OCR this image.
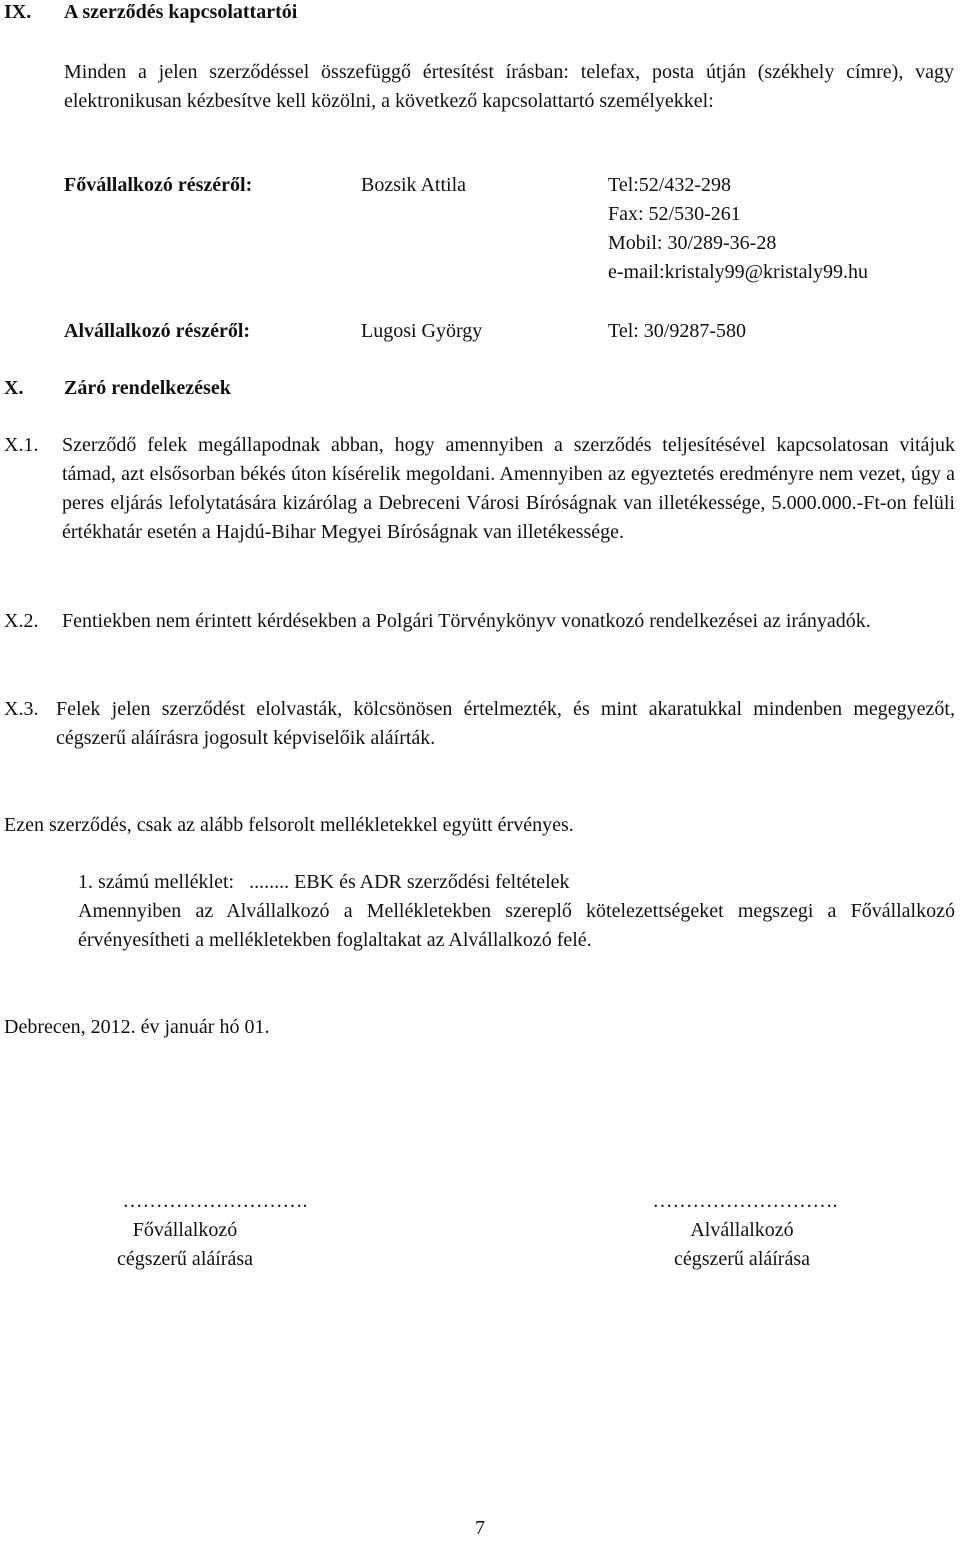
IX. A szerződés kapcsolattartói
Minden a jelen szerződéssel összefüggő értesítést írásban: telefax, posta útján (székhely címre), vagy elektronikusan kézbesítve kell közölni, a következő kapcsolattartó személyekkel:
Fővállalkozó részéről:	Bozsik Attila	Tel:52/432-298
Fax: 52/530-261
Mobil: 30/289-36-28
e-mail:kristaly99@kristaly99.hu
Alvállalkozó részéről:	Lugosi György	Tel: 30/9287-580
X. Záró rendelkezések
X.1. Szerződő felek megállapodnak abban, hogy amennyiben a szerződés teljesítésével kapcsolatosan vitájuk támad, azt elsősorban békés úton kísérelik megoldani. Amennyiben az egyeztetés eredményre nem vezet, úgy a peres eljárás lefolytatására kizárólag a Debreceni Városi Bíróságnak van illetékessége, 5.000.000.-Ft-on felüli értékhatár esetén a Hajdú-Bihar Megyei Bíróságnak van illetékessége.
X.2. Fentiekben nem érintett kérdésekben a Polgári Törvénykönyv vonatkozó rendelkezései az irányadók.
X.3. Felek jelen szerződést elolvasták, kölcsönösen értelmezték, és mint akaratukkal mindenben megegyezőt, cégszerű aláírásra jogosult képviselőik aláírták.
Ezen szerződés, csak az alább felsorolt mellékletekkel együtt érvényes.
1. számú melléklet:   ........ EBK és ADR szerződési feltételek
Amennyiben az Alvállalkozó a Mellékletekben szereplő kötelezettségeket megszegi a Fővállalkozó érvényesítheti a mellékletekben foglaltakat az Alvállalkozó felé.
Debrecen, 2012. év január hó 01.
……………………….
Fővállalkozó
cégszerű aláírása
……………………….
Alvállalkozó
cégszerű aláírása
7
